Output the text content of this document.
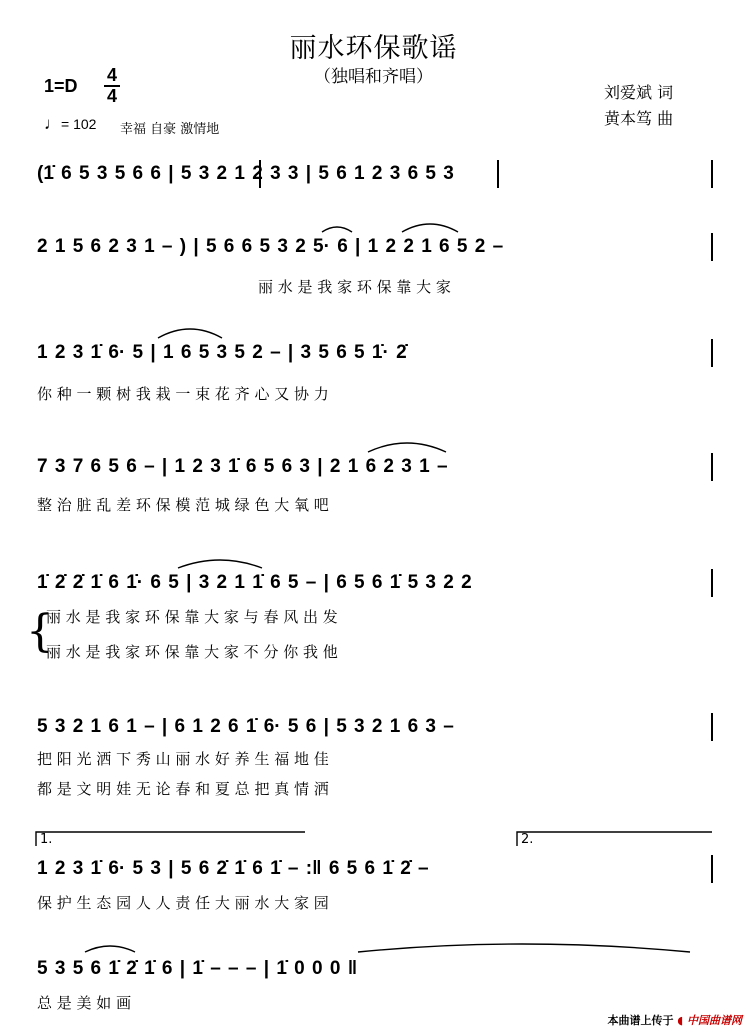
丽水环保歌谣
（独唱和齐唱）
1=D
4
4
♩= 102 幸福 自豪 激情地
刘爱斌 词
黄本笃 曲
(1̇ 6 5 3 5 6 6 | 5 3 2 1 2 3 3 | 5 6 1 2 3 6 5 3
2 1 5 6 2 3 1 – ) | 5 6 6 5 3 2 5· 6 | 1 2 2 1 6 5 2 –
丽 水 是 我 家 环 保 靠 大 家
1 2 3 1̇ 6· 5 | 1 6 5 3 5 2 – | 3 5 6 5 1̇· 2̇
你 种 一 颗 树 我 栽 一 束 花 齐 心 又 协 力
7 3 7 6 5 6 – | 1 2 3 1̇ 6 5 6 3 | 2 1 6 2 3 1 –
整 治 脏 乱 差 环 保 模 范 城 绿 色 大 氧 吧
1̇ 2̇ 2̇ 1̇ 6 1̇· 6 5 | 3 2 1 1̇ 6 5 – | 6 5 6 1̇ 5 3 2 2
{
丽 水 是 我 家 环 保 靠 大 家 与 春 风 出 发
丽 水 是 我 家 环 保 靠 大 家 不 分 你 我 他
5 3 2 1 6 1 – | 6 1 2 6 1̇ 6· 5 6 | 5 3 2 1 6 3 –
把 阳 光 洒 下 秀 山 丽 水 好 养 生 福 地 佳
都 是 文 明 娃 无 论 春 和 夏 总 把 真 情 洒
1.	2.
1 2 3 1̇ 6· 5 3 | 5 6 2̇ 1̇ 6 1̇ – :‖ 6 5 6 1̇ 2̇ –
保 护 生 态 园 人 人 责 任 大 丽 水 大 家 园
5 3 5 6 1̇ 2̇ 1̇ 6 | 1̇ – – – | 1̇ 0 0 0 ‖
总 是 美 如 画
本曲谱上传于 ◖ 中国曲谱网
